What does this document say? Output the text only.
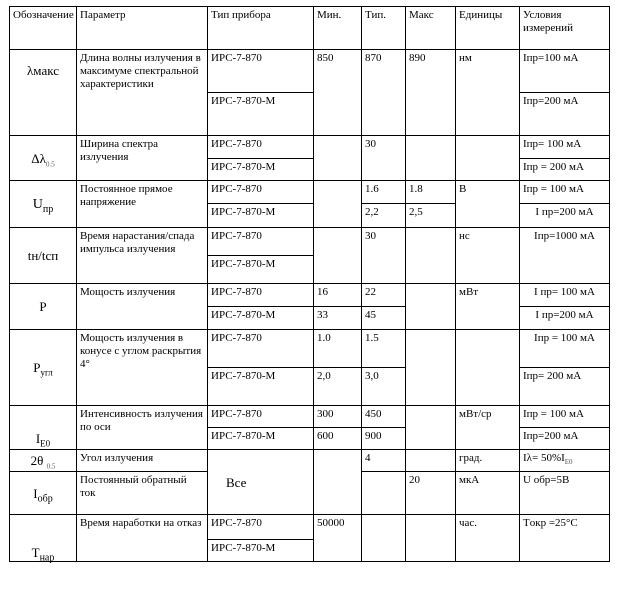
Обозначение	Параметр	Тип прибора	Мин.	Тип.	Макс	Единицы	Условия измерений
λмакс	Длина волны излучения в максимуме спектральной характеристики	ИРС-7-870	850	870	890	нм	Iпр=100 мА
		ИРС-7-870-М					Iпр=200 мА
$\Delta\lambda_{0.5}$	Ширина спектра излучения	ИРС-7-870		30			Iпр= 100 мА
		ИРС-7-870-М					Iпр = 200 мА
$U_{пр}$	Постоянное прямое напряжение	ИРС-7-870		1.6	1.8	В	Iпр = 100 мА
		ИРС-7-870-М		2,2	2,5		I пр=200 мА
tн/tсп	Время нарастания/спада импульса излучения	ИРС-7-870		30		нс	Iпр=1000 мА
		ИРС-7-870-М					
P	Мощость излучения	ИРС-7-870	16	22		мВт	I пр= 100 мА
		ИРС-7-870-М	33	45			I пр=200 мА
$P_{угл}$	Мощость излучения в конусе с углом раскрытия 4°	ИРС-7-870	1.0	1.5			Iпр = 100 мА
		ИРС-7-870-М	2,0	3,0			Iпр= 200 мА
$I_{E0}$	Интенсивность излучения по оси	ИРС-7-870	300	450		мВт/ср	Iпр = 100 мА
		ИРС-7-870-М	600	900			Iпр=200 мА
2θ $_{0.5}$	Угол излучения	Все		4		град.	$I\lambda= 50\%I_{E0}$
$I_{обр}$	Постоянный обратный ток				20	мкА	U обр=5В
$T_{нар}$	Время наработки на отказ	ИРС-7-870	50000			час.	Tокр =25°C
		ИРС-7-870-М					
